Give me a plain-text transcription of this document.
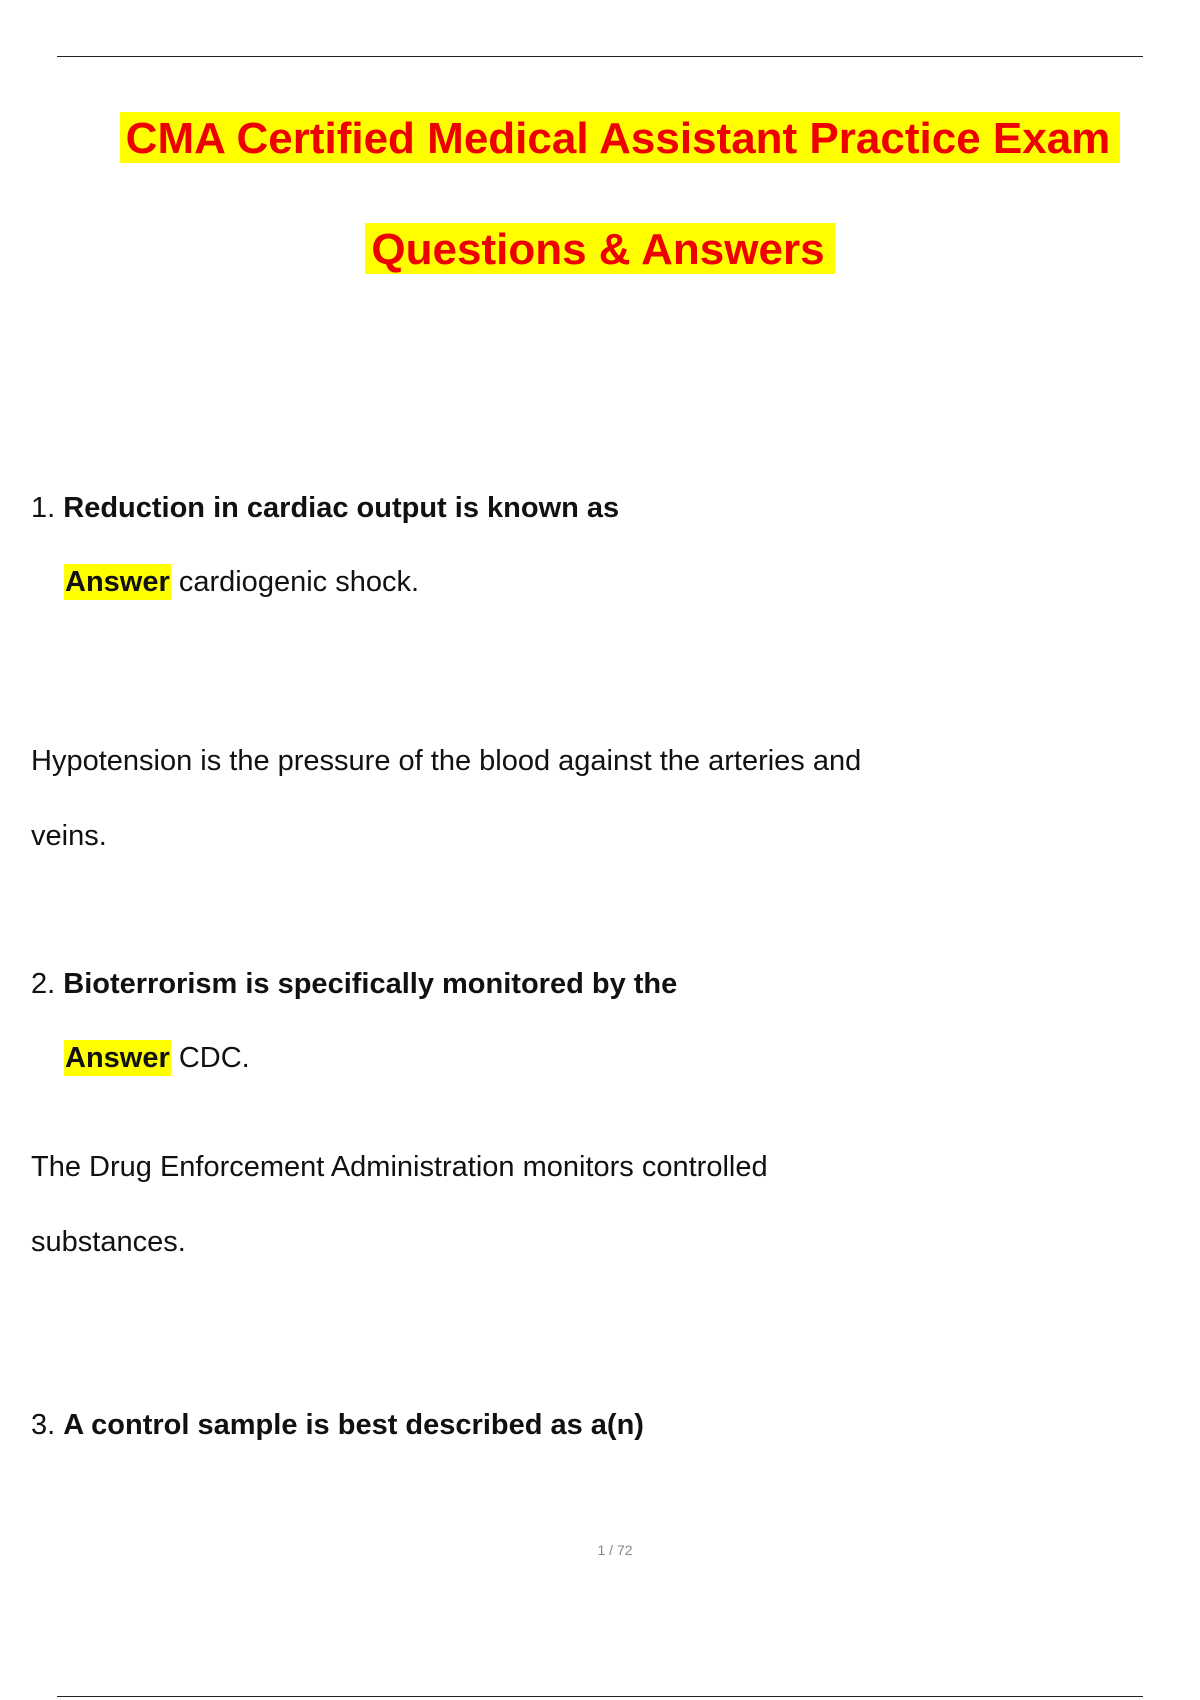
CMA Certified Medical Assistant Practice Exam
Questions & Answers
1. Reduction in cardiac output is known as
Answer cardiogenic shock.
Hypotension is the pressure of the blood against the arteries and
veins.
2. Bioterrorism is specifically monitored by the
Answer CDC.
The Drug Enforcement Administration monitors controlled
substances.
3. A control sample is best described as a(n)
1 / 72
